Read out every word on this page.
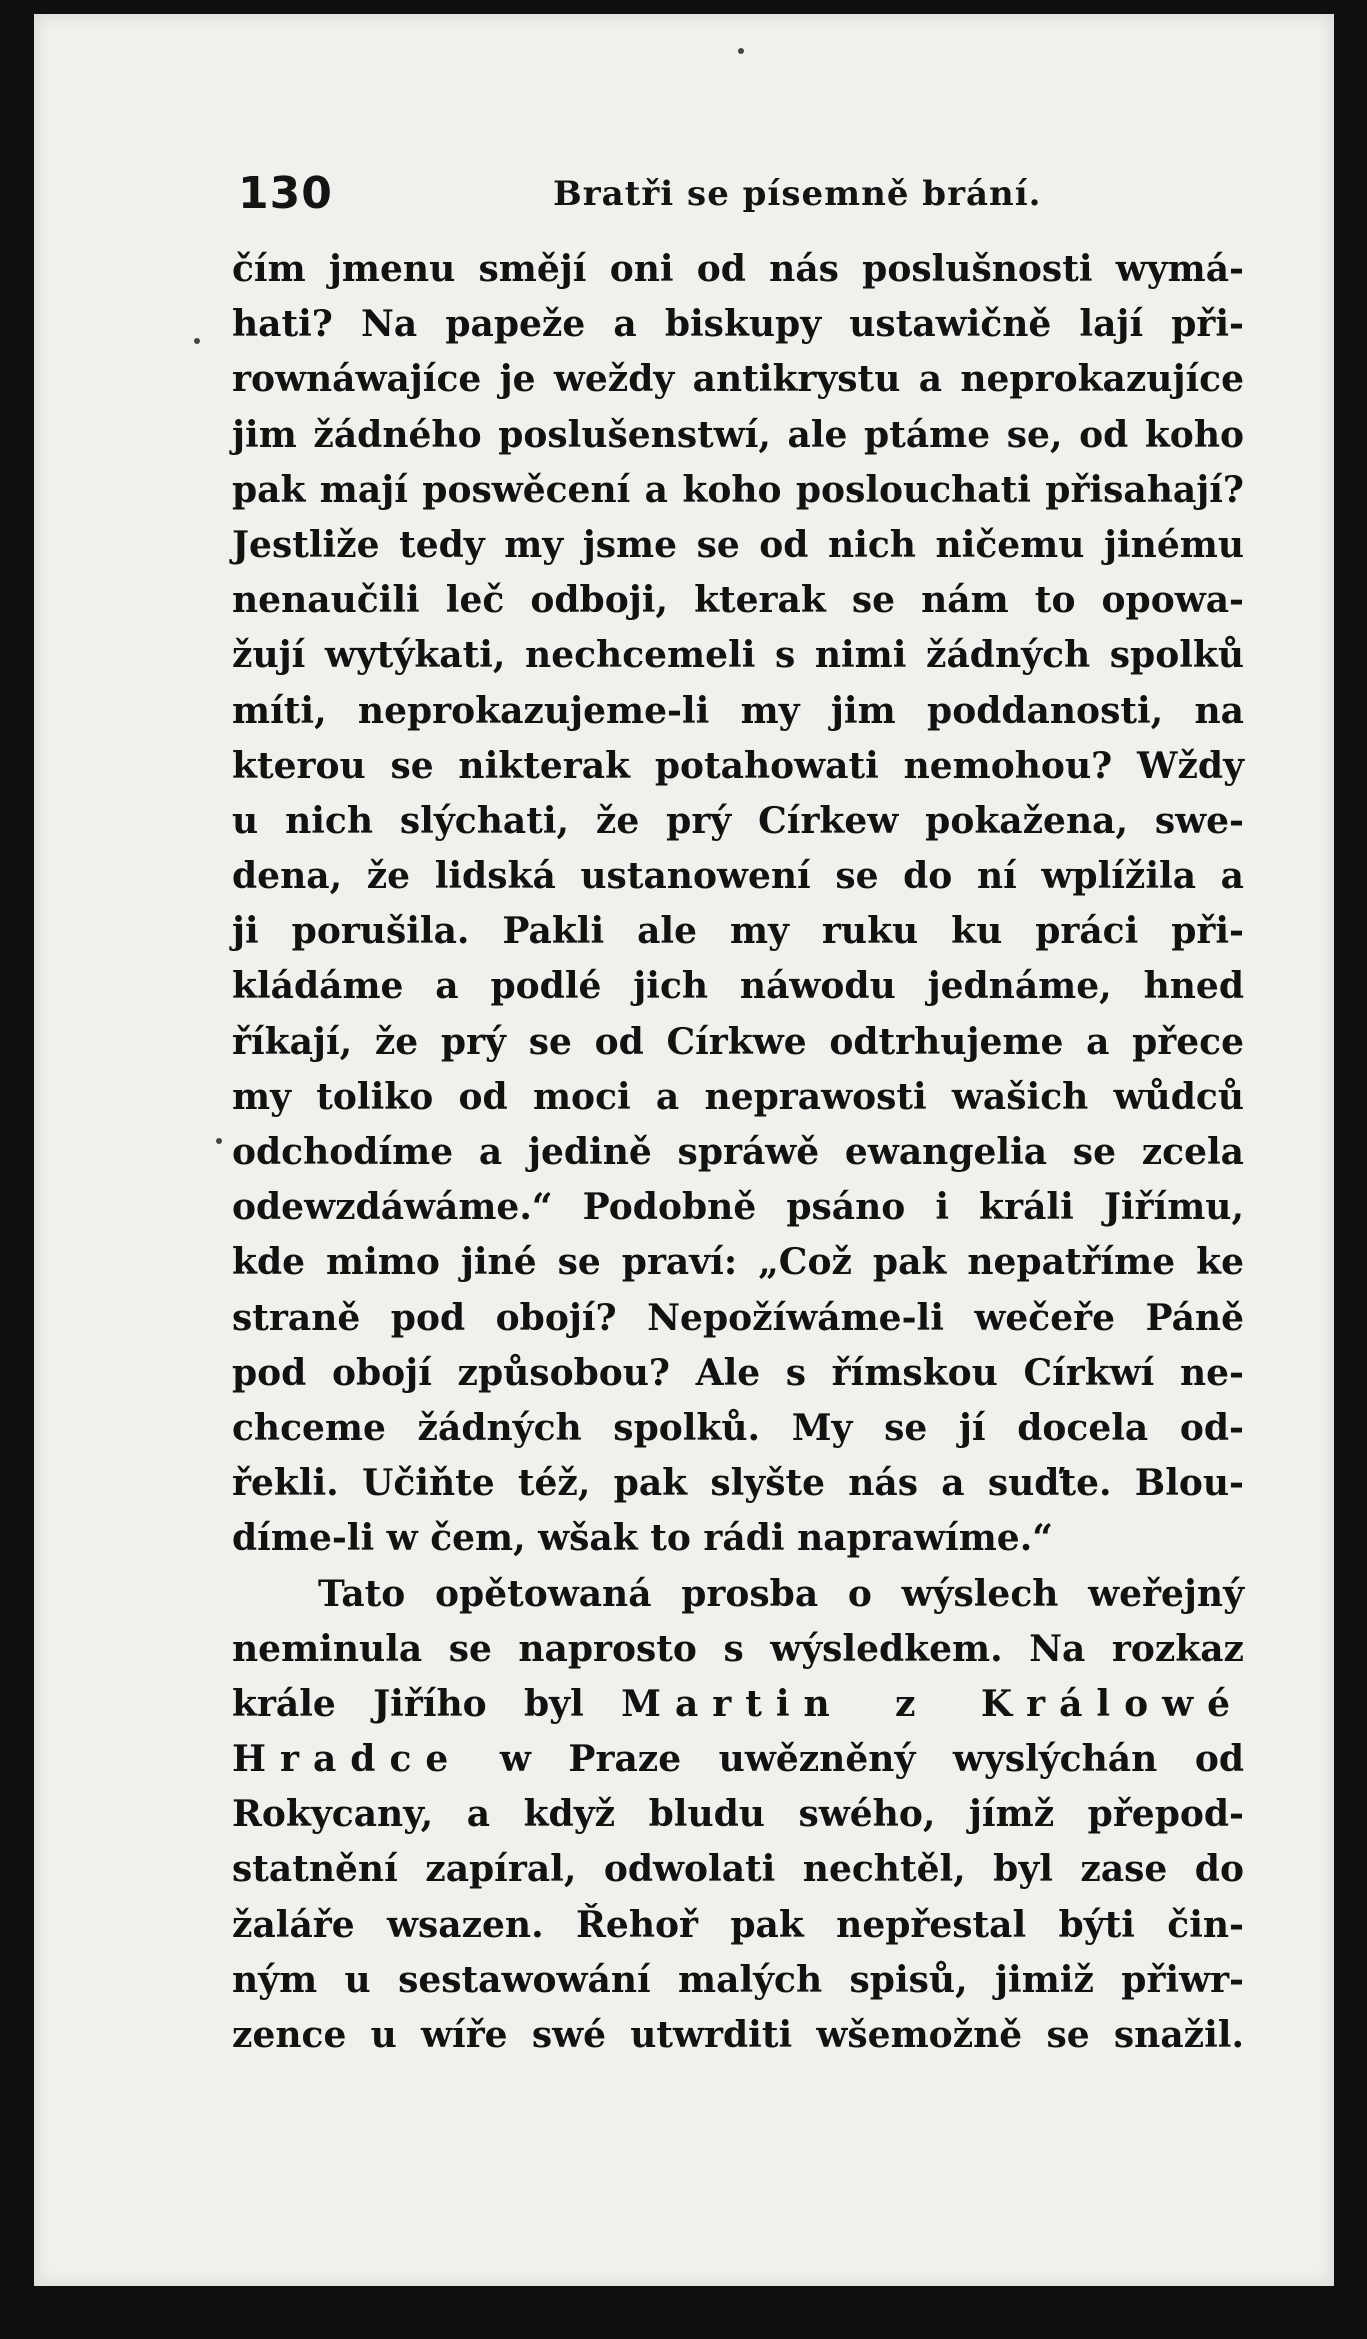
130	Bratři se písemně brání.
čím jmenu smějí oni od nás poslušnosti wymá-
hati? Na papeže a biskupy ustawičně lají při-
rownáwajíce je weždy antikrystu a neprokazujíce
jim žádného poslušenstwí, ale ptáme se, od koho
pak mají poswěcení a koho poslouchati přisahají?
Jestliže tedy my jsme se od nich ničemu jinému
nenaučili leč odboji, kterak se nám to opowa-
žují wytýkati, nechcemeli s nimi žádných spolků
míti, neprokazujeme-li my jim poddanosti, na
kterou se nikterak potahowati nemohou? Wždy
u nich slýchati, že prý Církew pokažena, swe-
dena, že lidská ustanowení se do ní wplížila a
ji porušila. Pakli ale my ruku ku práci při-
kládáme a podlé jich náwodu jednáme, hned
říkají, že prý se od Církwe odtrhujeme a přece
my toliko od moci a neprawosti wašich wůdců
odchodíme a jedině spráwě ewangelia se zcela
odewzdáwáme.“ Podobně psáno i králi Jiřímu,
kde mimo jiné se praví: „Což pak nepatříme ke
straně pod obojí? Nepožíwáme-li wečeře Páně
pod obojí způsobou? Ale s římskou Církwí ne-
chceme žádných spolků. My se jí docela od-
řekli. Učiňte též, pak slyšte nás a suďte. Blou-
díme-li w čem, wšak to rádi naprawíme.“
Tato opětowaná prosba o wýslech weřejný
neminula se naprosto s wýsledkem. Na rozkaz
krále Jiřího byl Martin z Králowé
Hradce w Praze uwězněný wyslýchán od
Rokycany, a když bludu swého, jímž přepod-
statnění zapíral, odwolati nechtěl, byl zase do
žaláře wsazen. Řehoř pak nepřestal býti čin-
ným u sestawowání malých spisů, jimiž přiwr-
zence u wíře swé utwrditi wšemožně se snažil.
